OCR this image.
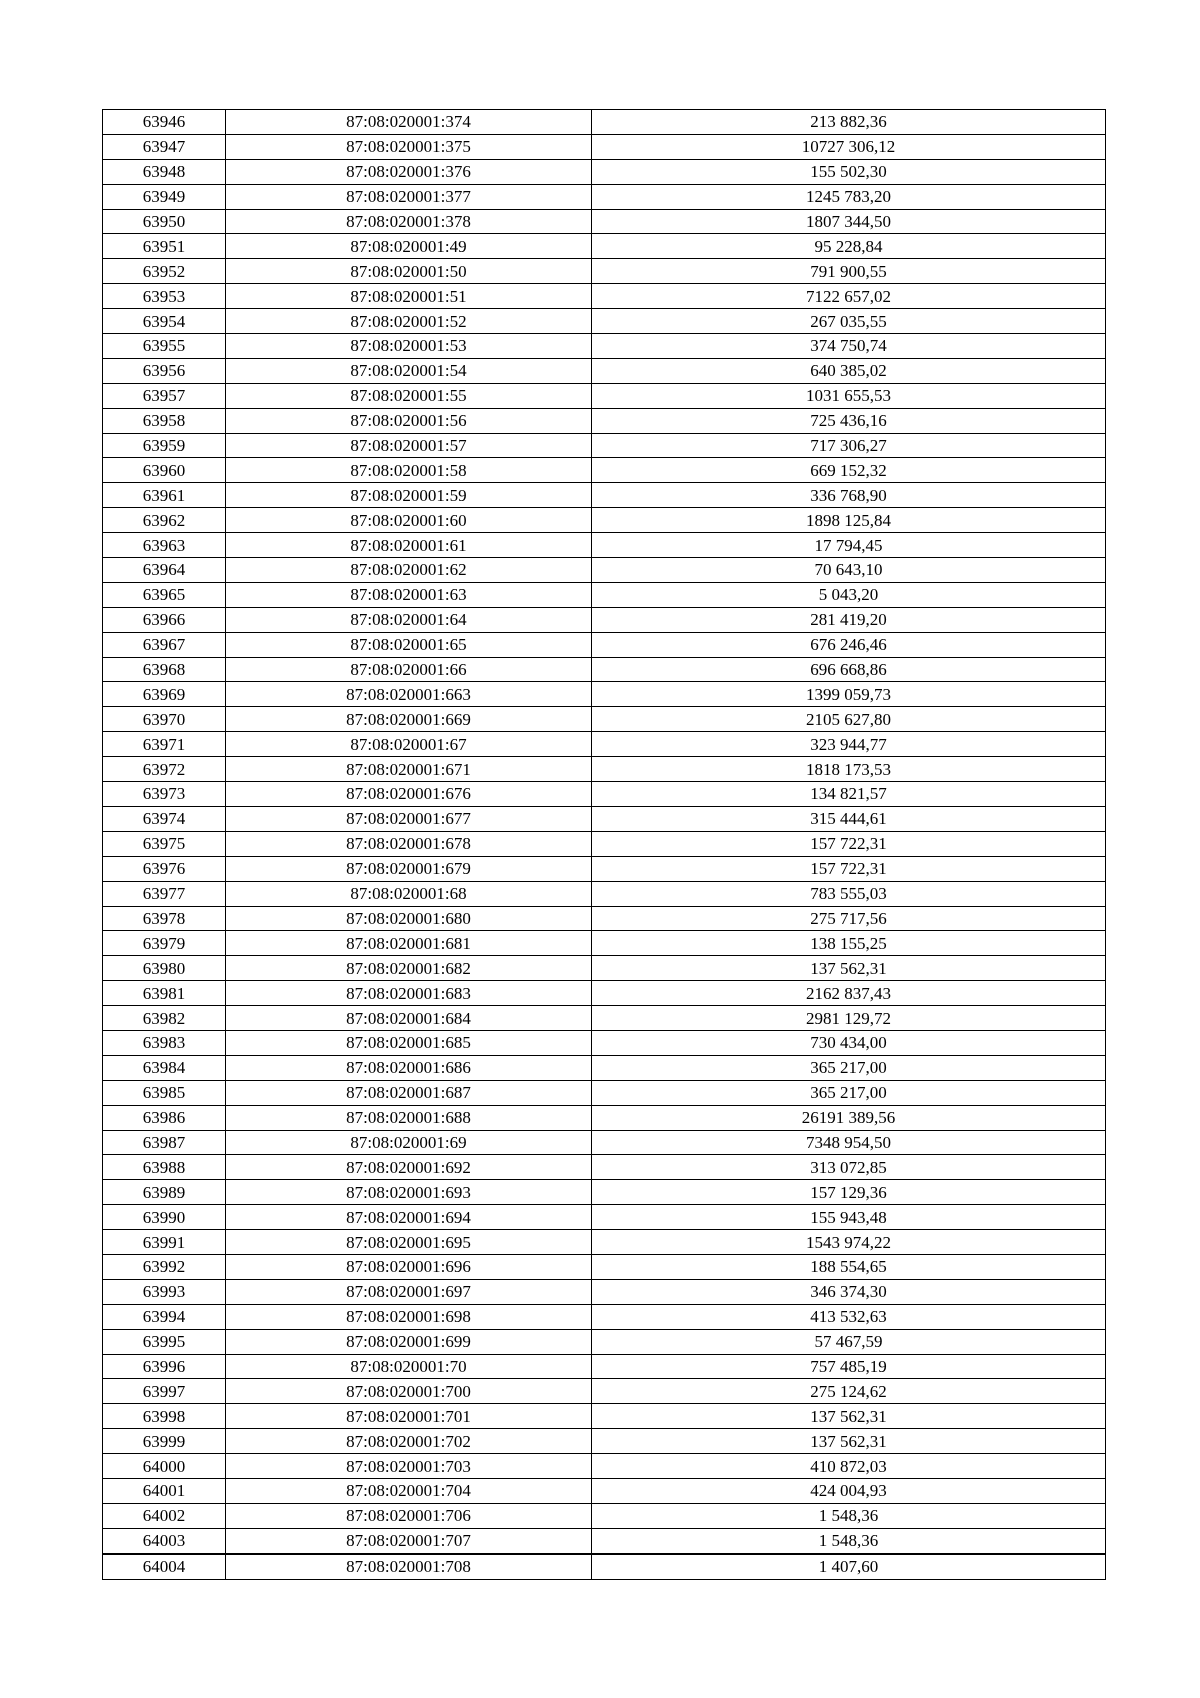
63946	87:08:020001:374	213 882,36
63947	87:08:020001:375	10727 306,12
63948	87:08:020001:376	155 502,30
63949	87:08:020001:377	1245 783,20
63950	87:08:020001:378	1807 344,50
63951	87:08:020001:49	95 228,84
63952	87:08:020001:50	791 900,55
63953	87:08:020001:51	7122 657,02
63954	87:08:020001:52	267 035,55
63955	87:08:020001:53	374 750,74
63956	87:08:020001:54	640 385,02
63957	87:08:020001:55	1031 655,53
63958	87:08:020001:56	725 436,16
63959	87:08:020001:57	717 306,27
63960	87:08:020001:58	669 152,32
63961	87:08:020001:59	336 768,90
63962	87:08:020001:60	1898 125,84
63963	87:08:020001:61	17 794,45
63964	87:08:020001:62	70 643,10
63965	87:08:020001:63	5 043,20
63966	87:08:020001:64	281 419,20
63967	87:08:020001:65	676 246,46
63968	87:08:020001:66	696 668,86
63969	87:08:020001:663	1399 059,73
63970	87:08:020001:669	2105 627,80
63971	87:08:020001:67	323 944,77
63972	87:08:020001:671	1818 173,53
63973	87:08:020001:676	134 821,57
63974	87:08:020001:677	315 444,61
63975	87:08:020001:678	157 722,31
63976	87:08:020001:679	157 722,31
63977	87:08:020001:68	783 555,03
63978	87:08:020001:680	275 717,56
63979	87:08:020001:681	138 155,25
63980	87:08:020001:682	137 562,31
63981	87:08:020001:683	2162 837,43
63982	87:08:020001:684	2981 129,72
63983	87:08:020001:685	730 434,00
63984	87:08:020001:686	365 217,00
63985	87:08:020001:687	365 217,00
63986	87:08:020001:688	26191 389,56
63987	87:08:020001:69	7348 954,50
63988	87:08:020001:692	313 072,85
63989	87:08:020001:693	157 129,36
63990	87:08:020001:694	155 943,48
63991	87:08:020001:695	1543 974,22
63992	87:08:020001:696	188 554,65
63993	87:08:020001:697	346 374,30
63994	87:08:020001:698	413 532,63
63995	87:08:020001:699	57 467,59
63996	87:08:020001:70	757 485,19
63997	87:08:020001:700	275 124,62
63998	87:08:020001:701	137 562,31
63999	87:08:020001:702	137 562,31
64000	87:08:020001:703	410 872,03
64001	87:08:020001:704	424 004,93
64002	87:08:020001:706	1 548,36
64003	87:08:020001:707	1 548,36
64004	87:08:020001:708	1 407,60
